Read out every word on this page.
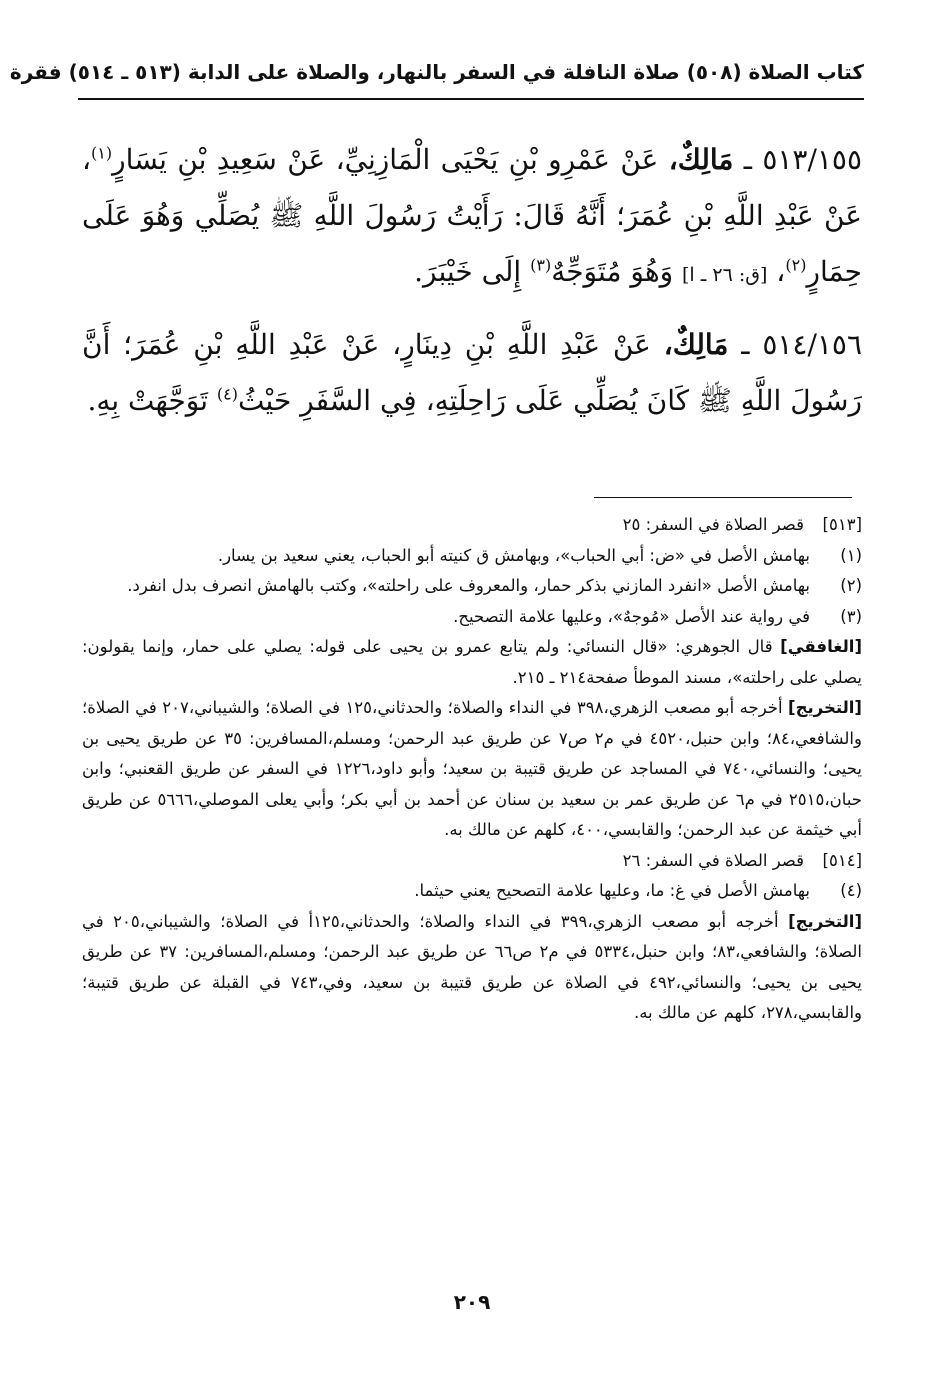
كتاب الصلاة (٥٠٨) صلاة النافلة في السفر بالنهار، والصلاة على الدابة (٥١٣ ـ ٥١٤) فقرة

٥١٣/١٥٥ ـ مَالِكٌ، عَنْ عَمْرِو بْنِ يَحْيَى الْمَازِنِيِّ، عَنْ سَعِيدِ بْنِ يَسَارٍ$^{(١)}$، عَنْ عَبْدِ اللَّهِ بْنِ عُمَرَ؛ أَنَّهُ قَالَ: رَأَيْتُ رَسُولَ اللَّهِ ﷺ يُصَلِّي وَهُوَ عَلَى حِمَارٍ$^{(٢)}$، [ق: ٢٦ ـ ا] وَهُوَ مُتَوَجِّهٌ$^{(٣)}$ إِلَى خَيْبَرَ.

٥١٤/١٥٦ ـ مَالِكٌ، عَنْ عَبْدِ اللَّهِ بْنِ دِينَارٍ، عَنْ عَبْدِ اللَّهِ بْنِ عُمَرَ؛ أَنَّ رَسُولَ اللَّهِ ﷺ كَانَ يُصَلِّي عَلَى رَاحِلَتِهِ، فِي السَّفَرِ حَيْثُ$^{(٤)}$ تَوَجَّهَتْ بِهِ.

[٥١٣]
قصر الصلاة في السفر: ٢٥
(١)
بهامش الأصل في «ض: أبي الحباب»، وبهامش ق كنيته أبو الحباب، يعني سعيد بن يسار.
(٢)
بهامش الأصل «انفرد المازني بذكر حمار، والمعروف على راحلته»، وكتب بالهامش انصرف بدل انفرد.
(٣)
في رواية عند الأصل «مُوجهٌ»، وعليها علامة التصحيح.
[الغافقي] قال الجوهري: «قال النسائي: ولم يتابع عمرو بن يحيى على قوله: يصلي على حمار، وإنما يقولون: يصلي على راحلته»، مسند الموطأ صفحة٢١٤ ـ ٢١٥.
[التخريج] أخرجه أبو مصعب الزهري،٣٩٨ في النداء والصلاة؛ والحدثاني،١٢٥ في الصلاة؛ والشيباني،٢٠٧ في الصلاة؛ والشافعي،٨٤؛ وابن حنبل،٤٥٢٠ في م٢ ص٧ عن طريق عبد الرحمن؛ ومسلم،المسافرين: ٣٥ عن طريق يحيى بن يحيى؛ والنسائي،٧٤٠ في المساجد عن طريق قتيبة بن سعيد؛ وأبو داود،١٢٢٦ في السفر عن طريق القعنبي؛ وابن حبان،٢٥١٥ في م٦ عن طريق عمر بن سعيد بن سنان عن أحمد بن أبي بكر؛ وأبي يعلى الموصلي،٥٦٦٦ عن طريق أبي خيثمة عن عبد الرحمن؛ والقابسي،٤٠٠، كلهم عن مالك به.
[٥١٤]
قصر الصلاة في السفر: ٢٦
(٤)
بهامش الأصل في غ: ما، وعليها علامة التصحيح يعني حيثما.
[التخريج] أخرجه أبو مصعب الزهري،٣٩٩ في النداء والصلاة؛ والحدثاني،١٢٥أ في الصلاة؛ والشيباني،٢٠٥ في الصلاة؛ والشافعي،٨٣؛ وابن حنبل،٥٣٣٤ في م٢ ص٦٦ عن طريق عبد الرحمن؛ ومسلم،المسافرين: ٣٧ عن طريق يحيى بن يحيى؛ والنسائي،٤٩٢ في الصلاة عن طريق قتيبة بن سعيد، وفي،٧٤٣ في القبلة عن طريق قتيبة؛ والقابسي،٢٧٨، كلهم عن مالك به.
٢٠٩
